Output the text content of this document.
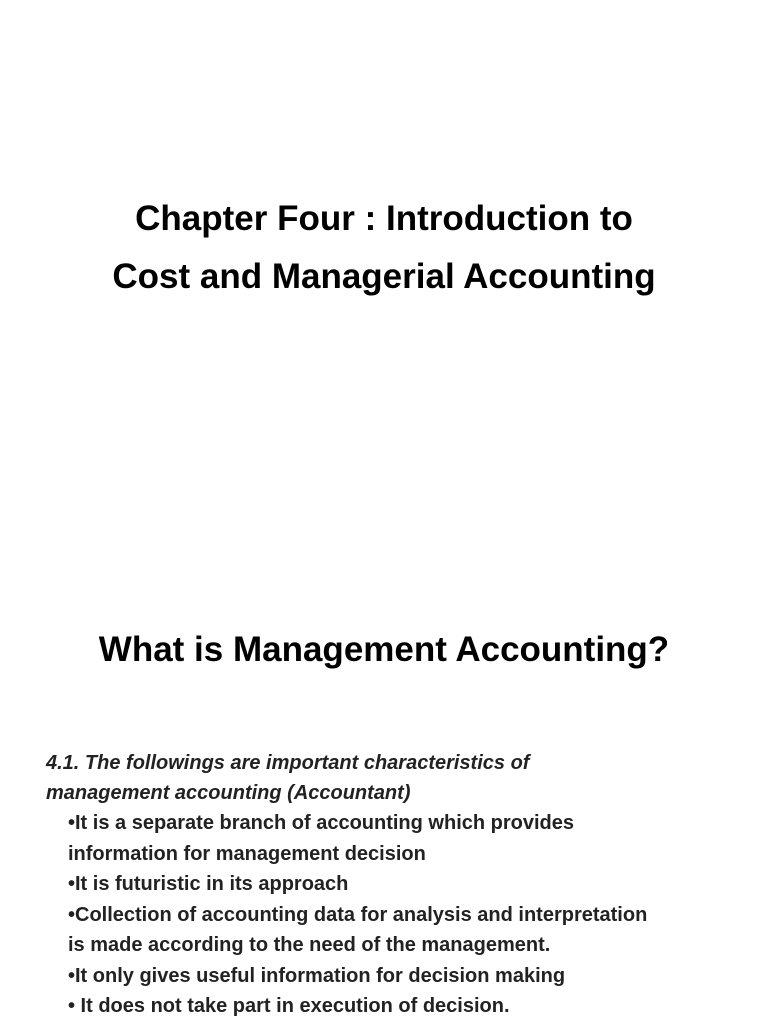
Chapter Four : Introduction to
Cost and Managerial Accounting
What is Management Accounting?

4.1. The followings are important characteristics of
management accounting (Accountant)

•It is a separate branch of accounting which provides
information for management decision
•It is futuristic in its approach
•Collection of accounting data for analysis and interpretation
is made according to the need of the management.
•It only gives useful information for decision making
• It does not take part in execution of decision.
